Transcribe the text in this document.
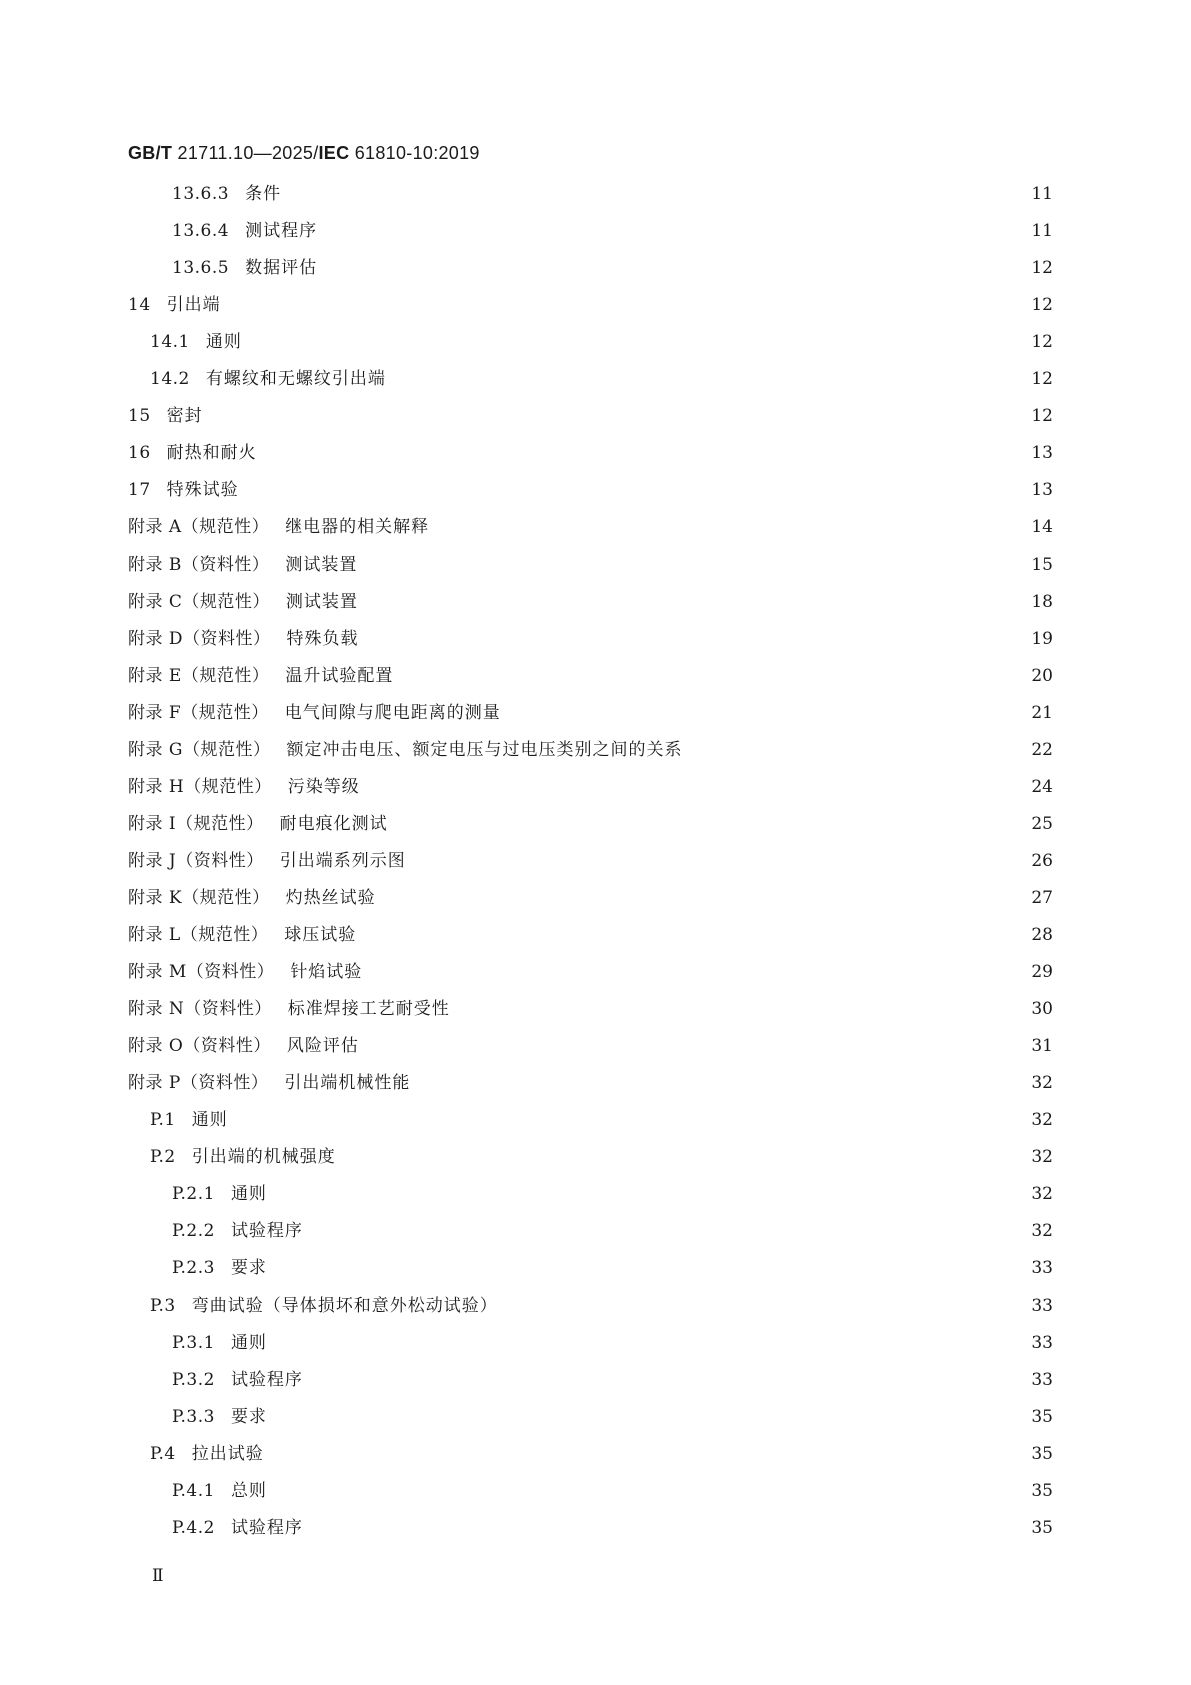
GB/T 21711.10—2025/IEC 61810-10:2019
13.6.3 条件	11
13.6.4 测试程序	11
13.6.5 数据评估	12
14 引出端	12
14.1 通则	12
14.2 有螺纹和无螺纹引出端	12
15 密封	12
16 耐热和耐火	13
17 特殊试验	13
附录 A（规范性） 继电器的相关解释	14
附录 B（资料性） 测试装置	15
附录 C（规范性） 测试装置	18
附录 D（资料性） 特殊负载	19
附录 E（规范性） 温升试验配置	20
附录 F（规范性） 电气间隙与爬电距离的测量	21
附录 G（规范性） 额定冲击电压、额定电压与过电压类别之间的关系	22
附录 H（规范性） 污染等级	24
附录 I（规范性） 耐电痕化测试	25
附录 J（资料性） 引出端系列示图	26
附录 K（规范性） 灼热丝试验	27
附录 L（规范性） 球压试验	28
附录 M（资料性） 针焰试验	29
附录 N（资料性） 标准焊接工艺耐受性	30
附录 O（资料性） 风险评估	31
附录 P（资料性） 引出端机械性能	32
P.1 通则	32
P.2 引出端的机械强度	32
P.2.1 通则	32
P.2.2 试验程序	32
P.2.3 要求	33
P.3 弯曲试验（导体损坏和意外松动试验）	33
P.3.1 通则	33
P.3.2 试验程序	33
P.3.3 要求	35
P.4 拉出试验	35
P.4.1 总则	35
P.4.2 试验程序	35
Ⅱ
